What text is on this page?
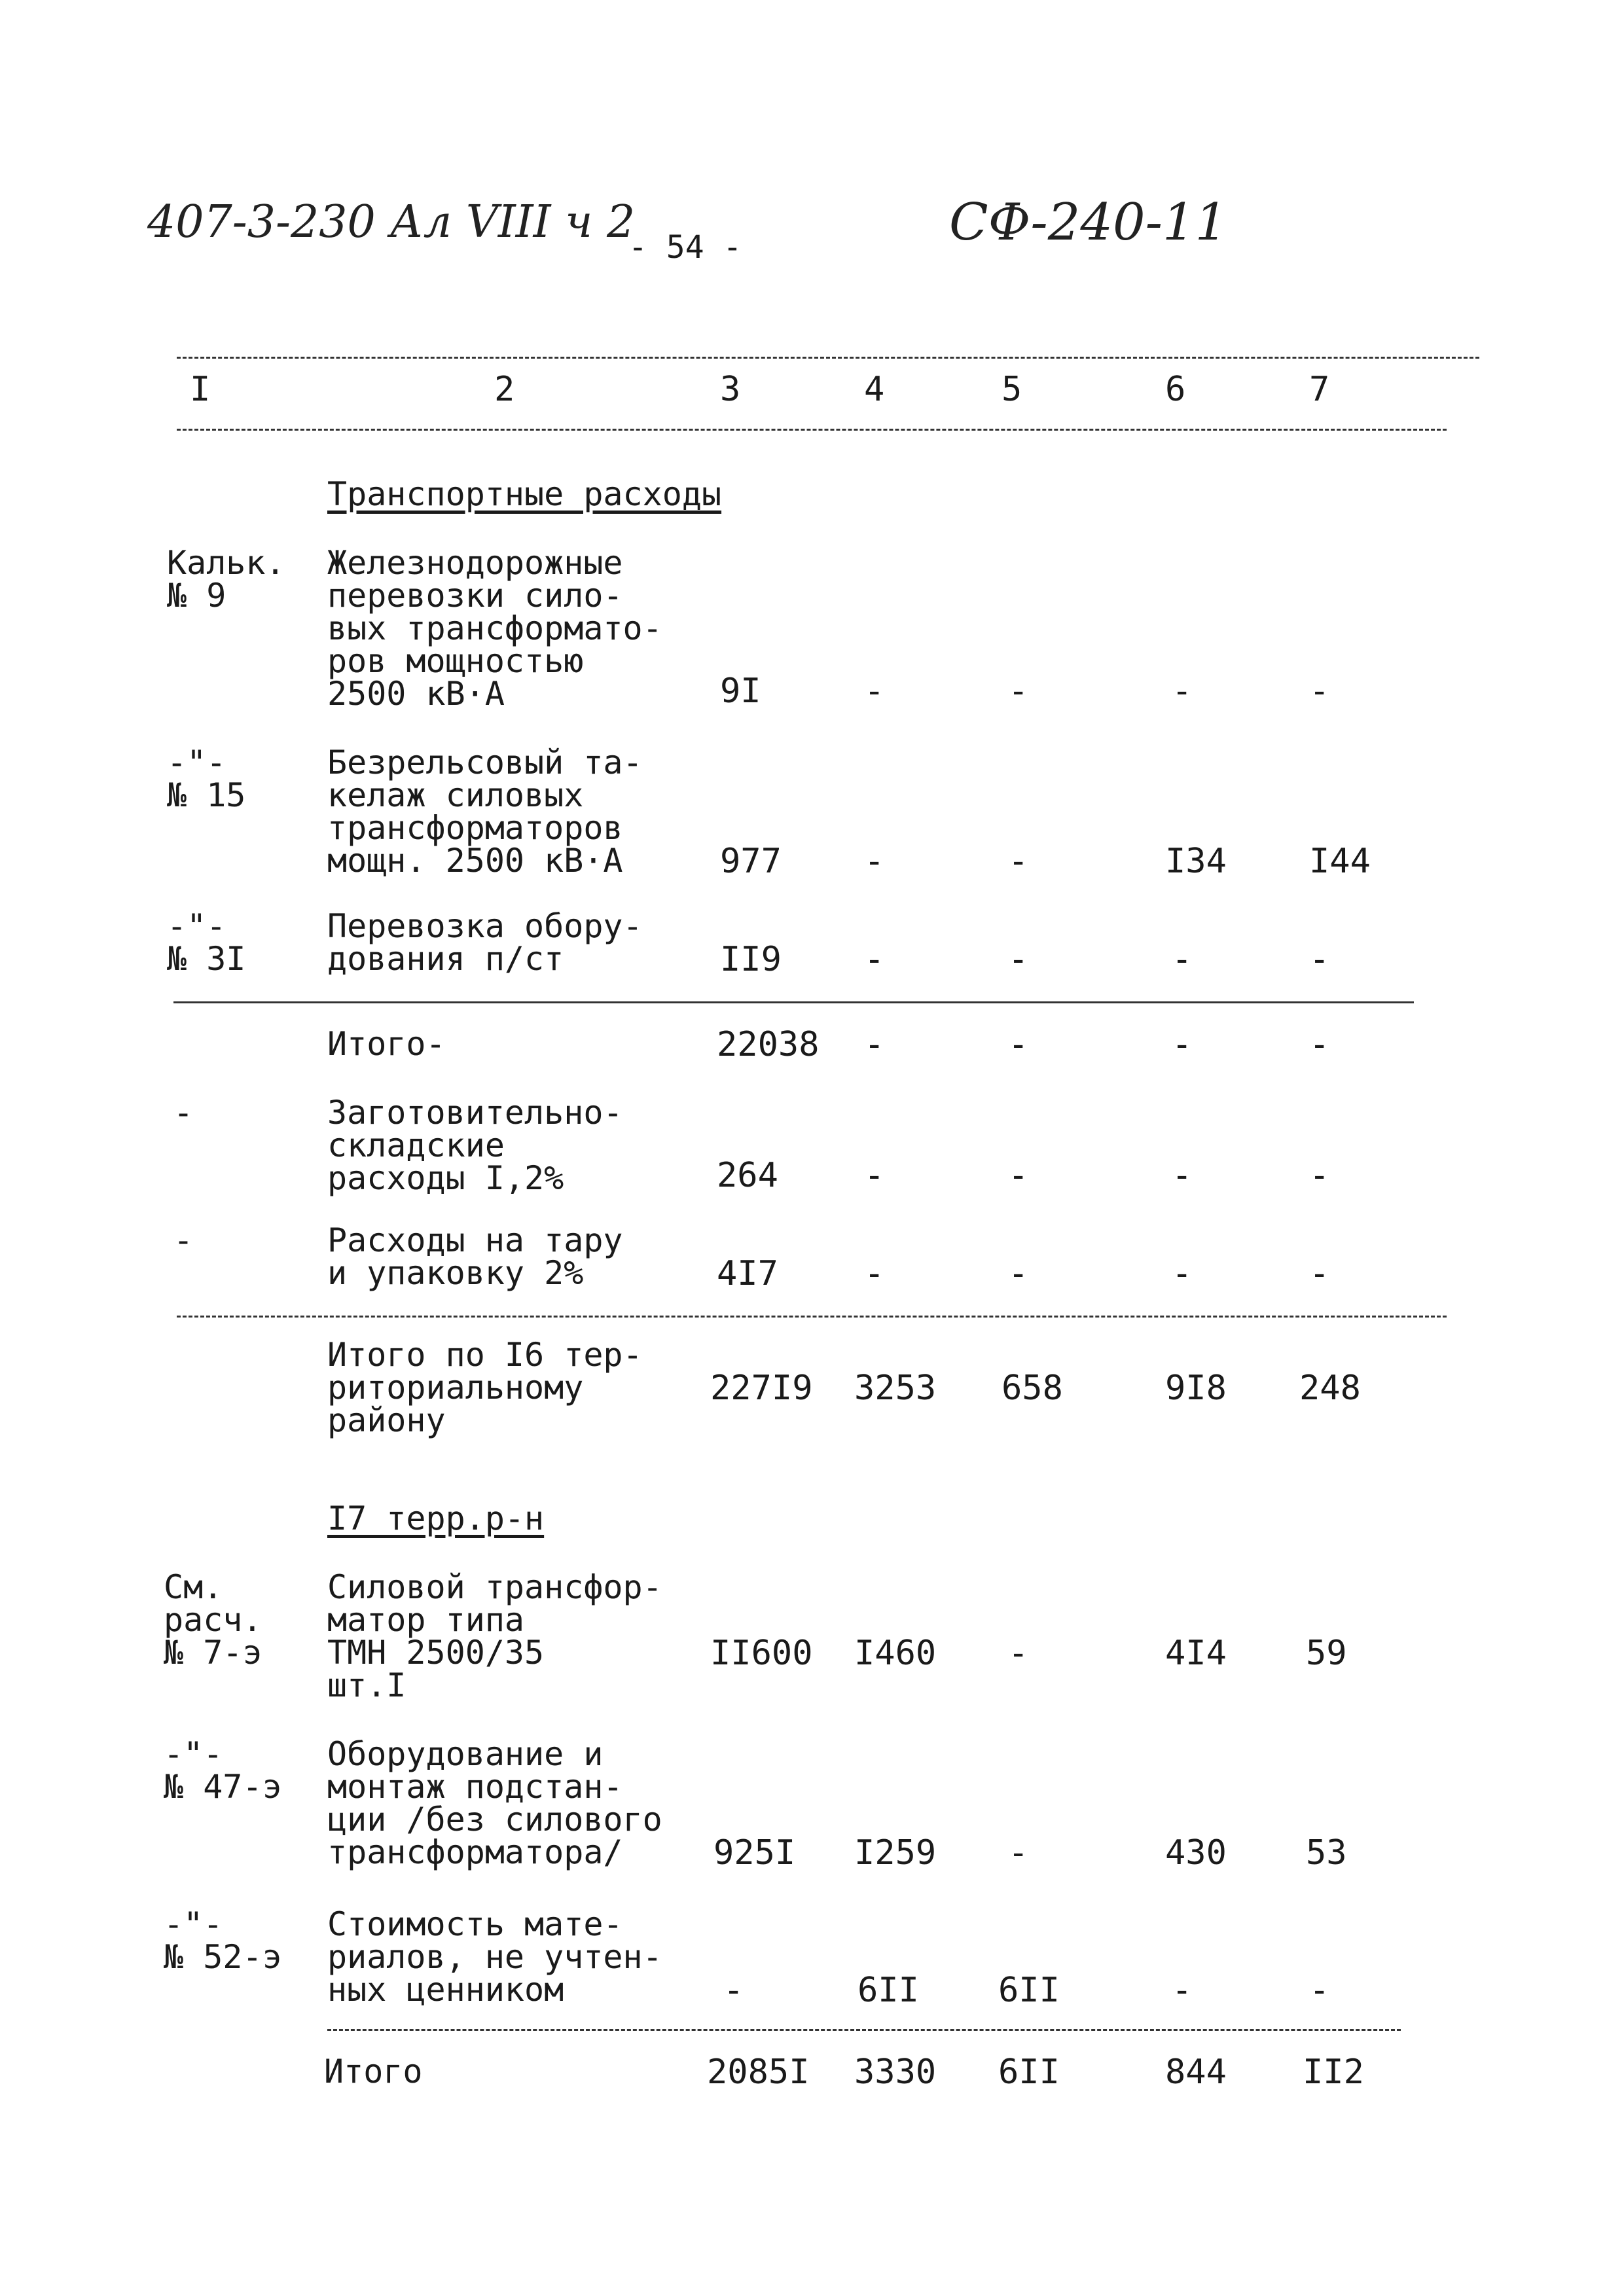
407-3-230 Ал VIII ч 2
- 54 -	СФ-240-11
I	2	3	4	5	6	7
Транспортные расходы
Кальк.
№ 9
Железнодорожные
перевозки сило-
вых трансформато-
ров мощностью
2500 кВ·А	9I	-	-	-	-
-"-
№ 15
Безрельсовый та-
келаж силовых
трансформаторов
мощн. 2500 кВ·А	977 -	-	I34 I44
-"-
№ 3I
Перевозка обору-
дования п/ст	II9 -	-	-	-
Итого-	22038 -	-	-	-
-	Заготовительно-
складские
расходы I,2%	264	-	-	-	-
-	Расходы на тару
и упаковку 2%	4I7	-	-	-	-
Итого по I6 тер-
риториальному
району
227I9 3253 658	9I8 248
I7 терр.р-н
См.
расч.
№ 7-э
Силовой трансфор-
матор типа
ТМН 2500/35
шт.I
II600 I460 -	4I4 59
-"-
№ 47-э
Оборудование и
монтаж подстан-
ции /без силового
трансформатора/	925I I259 -	430 53
-"-
№ 52-э
Стоимость мате-
риалов, не учтен-
ных ценником	-	6II 6II	-	-
Итого	2085I 3330 6II	844 II2
